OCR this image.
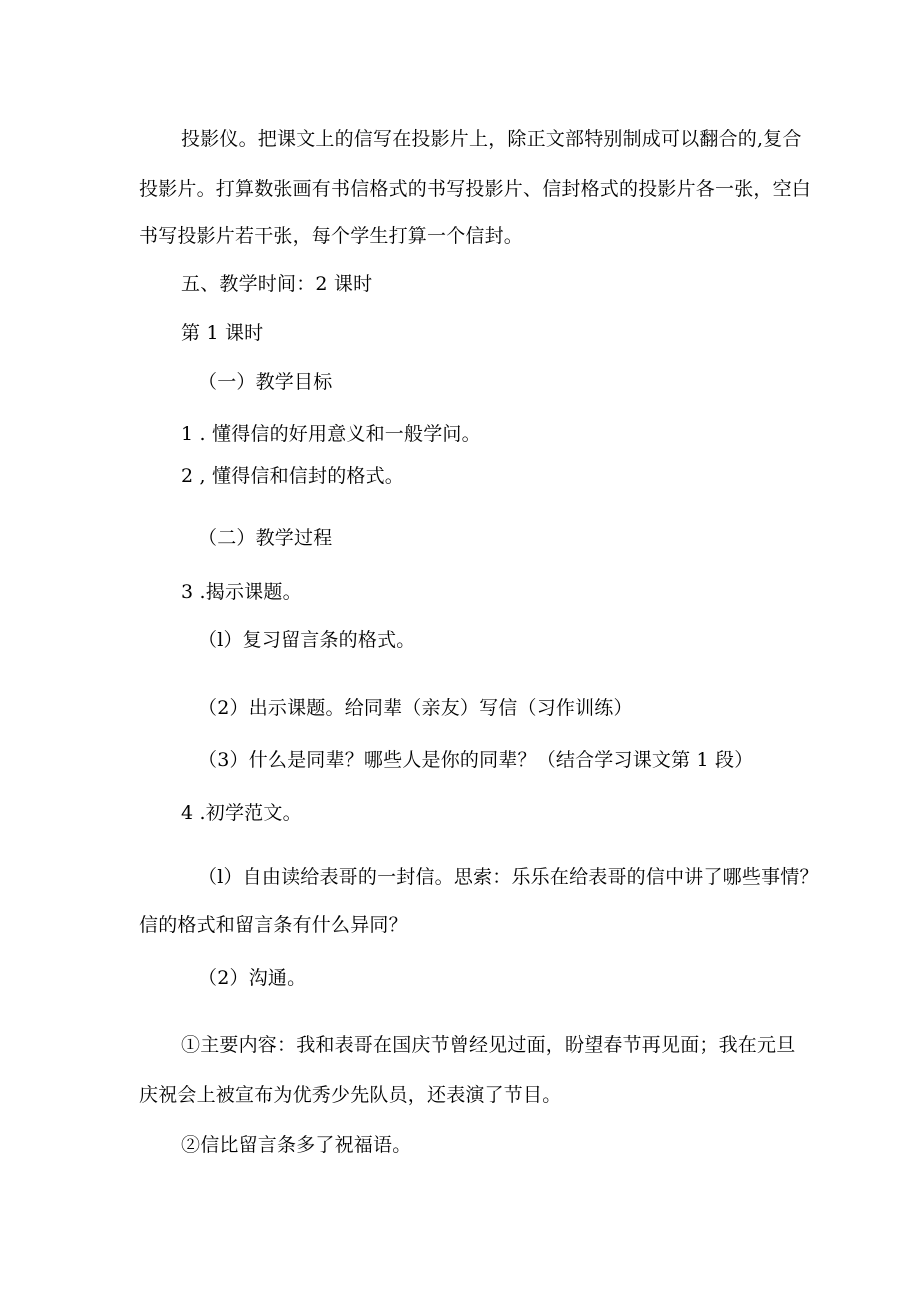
投影仪。把课文上的信写在投影片上，除正文部特别制成可以翻合的,复合
投影片。打算数张画有书信格式的书写投影片、信封格式的投影片各一张，空白
书写投影片若干张，每个学生打算一个信封。
五、教学时间：2 课时
第 1 课时
（一）教学目标
1 . 懂得信的好用意义和一般学问。
2 , 懂得信和信封的格式。
（二）教学过程
3 .揭示课题。
（l）复习留言条的格式。
（2）出示课题。给同辈（亲友）写信（习作训练）
（3）什么是同辈？哪些人是你的同辈？（结合学习课文第 1 段）
4 .初学范文。
（l）自由读给表哥的一封信。思索：乐乐在给表哥的信中讲了哪些事情？
信的格式和留言条有什么异同？
（2）沟通。
①主要内容：我和表哥在国庆节曾经见过面，盼望春节再见面；我在元旦
庆祝会上被宣布为优秀少先队员，还表演了节目。
②信比留言条多了祝福语。
